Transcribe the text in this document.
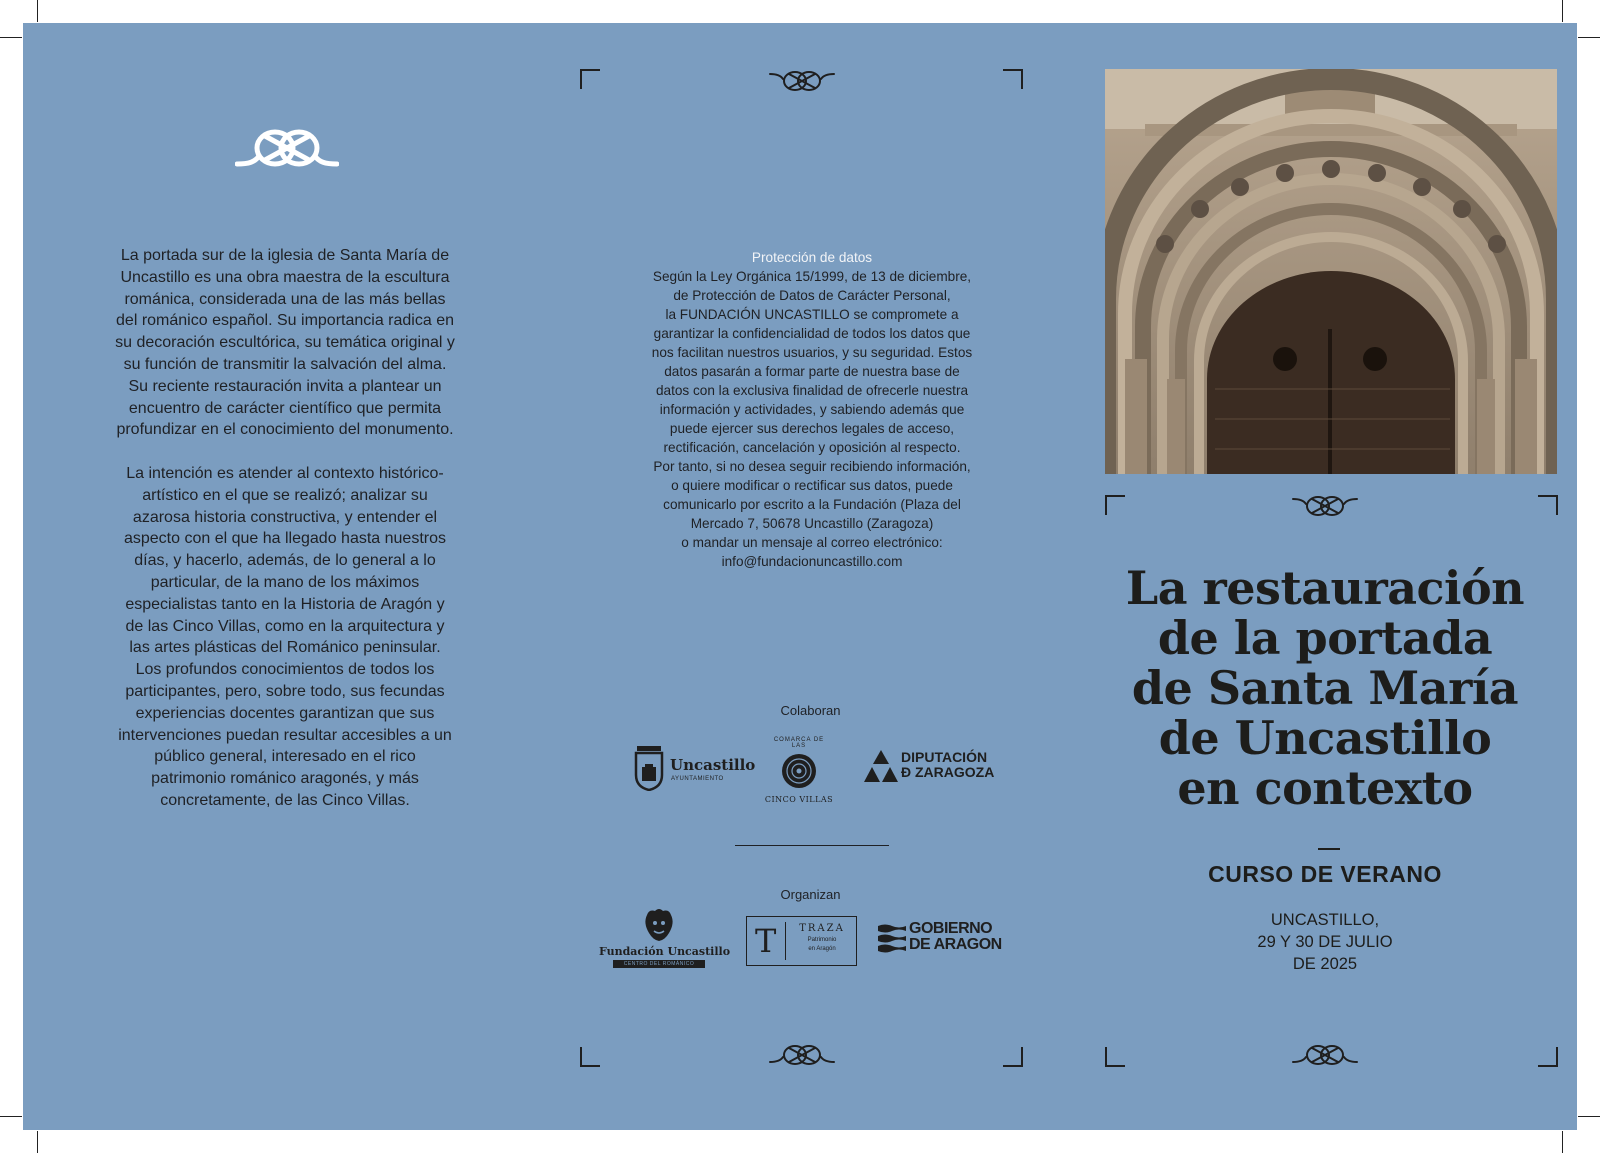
La portada sur de la iglesia de Santa María de Uncastillo es una obra maestra de la escultura románica, considerada una de las más bellas del románico español. Su importancia radica en su decoración escultórica, su temática original y su función de transmitir la salvación del alma. Su reciente restauración invita a plantear un encuentro de carácter científico que permita profundizar en el conocimiento del monumento.

La intención es atender al contexto histórico-artístico en el que se realizó; analizar su azarosa historia constructiva, y entender el aspecto con el que ha llegado hasta nuestros días, y hacerlo, además, de lo general a lo particular, de la mano de los máximos especialistas tanto en la Historia de Aragón y de las Cinco Villas, como en la arquitectura y las artes plásticas del Románico peninsular. Los profundos conocimientos de todos los participantes, pero, sobre todo, sus fecundas experiencias docentes garantizan que sus intervenciones puedan resultar accesibles a un público general, interesado en el rico patrimonio románico aragonés, y más concretamente, de las Cinco Villas.

Protección de datos
Según la Ley Orgánica 15/1999, de 13 de diciembre,
de Protección de Datos de Carácter Personal,
la FUNDACIÓN UNCASTILLO se compromete a
garantizar la confidencialidad de todos los datos que
nos facilitan nuestros usuarios, y su seguridad. Estos
datos pasarán a formar parte de nuestra base de
datos con la exclusiva finalidad de ofrecerle nuestra
información y actividades, y sabiendo además que
puede ejercer sus derechos legales de acceso,
rectificación, cancelación y oposición al respecto.
Por tanto, si no desea seguir recibiendo información,
o quiere modificar o rectificar sus datos, puede
comunicarlo por escrito a la Fundación (Plaza del
Mercado 7, 50678 Uncastillo (Zaragoza)
o mandar un mensaje al correo electrónico:
info@fundacionuncastillo.com
Colaboran
Uncastillo
AYUNTAMIENTO
COMARCA DE LAS
CINCO VILLAS
DIPUTACIÓN
Ð ZARAGOZA
Organizan
Fundación Uncastillo
CENTRO DEL ROMÁNICO
T	TRAZA
Patrimonio
en Aragón
GOBIERNO
DE ARAGON
La restauración
de la portada
de Santa María
de Uncastillo
en contexto
CURSO DE VERANO
UNCASTILLO,
29 Y 30 DE JULIO
DE 2025
